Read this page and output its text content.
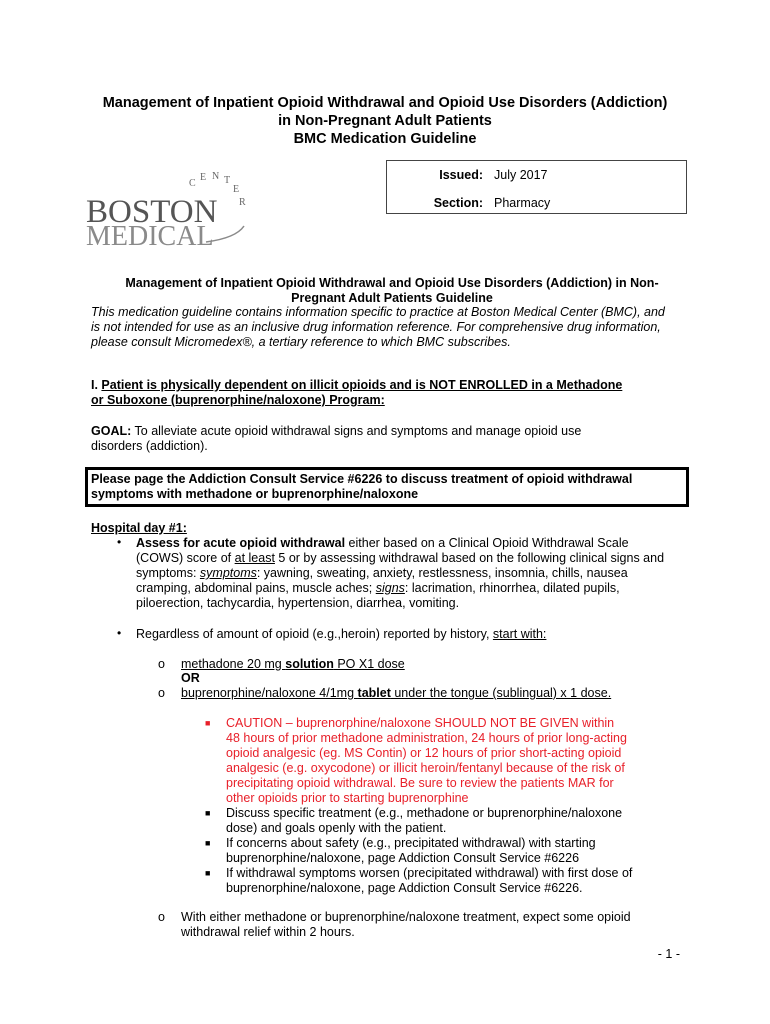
Management of Inpatient Opioid Withdrawal and Opioid Use Disorders (Addiction)
in Non-Pregnant Adult Patients
BMC Medication Guideline
C
E N T
E
R
BOSTON
MEDICAL
Issued: July 2017
Section: Pharmacy
Management of Inpatient Opioid Withdrawal and Opioid Use Disorders (Addiction) in Non-
Pregnant Adult Patients Guideline
This medication guideline contains information specific to practice at Boston Medical Center (BMC), and
is not intended for use as an inclusive drug information reference. For comprehensive drug information,
please consult Micromedex®, a tertiary reference to which BMC subscribes.
I. Patient is physically dependent on illicit opioids and is NOT ENROLLED in a Methadone
or Suboxone (buprenorphine/naloxone) Program:
GOAL: To alleviate acute opioid withdrawal signs and symptoms and manage opioid use
disorders (addiction).
Please page the Addiction Consult Service #6226 to discuss treatment of opioid withdrawal
symptoms with methadone or buprenorphine/naloxone
Hospital day #1:
• Assess for acute opioid withdrawal either based on a Clinical Opioid Withdrawal Scale
(COWS) score of at least 5 or by assessing withdrawal based on the following clinical signs and
symptoms: symptoms: yawning, sweating, anxiety, restlessness, insomnia, chills, nausea
cramping, abdominal pains, muscle aches; signs: lacrimation, rhinorrhea, dilated pupils,
piloerection, tachycardia, hypertension, diarrhea, vomiting.
• Regardless of amount of opioid (e.g.,heroin) reported by history, start with:
o methadone 20 mg solution PO X1 dose
OR
o buprenorphine/naloxone 4/1mg tablet under the tongue (sublingual) x 1 dose.
■ CAUTION – buprenorphine/naloxone SHOULD NOT BE GIVEN within
48 hours of prior methadone administration, 24 hours of prior long-acting
opioid analgesic (eg. MS Contin) or 12 hours of prior short-acting opioid
analgesic (e.g. oxycodone) or illicit heroin/fentanyl because of the risk of
precipitating opioid withdrawal. Be sure to review the patients MAR for
other opioids prior to starting buprenorphine
■ Discuss specific treatment (e.g., methadone or buprenorphine/naloxone
dose) and goals openly with the patient.
■ If concerns about safety (e.g., precipitated withdrawal) with starting
buprenorphine/naloxone, page Addiction Consult Service #6226
■ If withdrawal symptoms worsen (precipitated withdrawal) with first dose of
buprenorphine/naloxone, page Addiction Consult Service #6226.
o With either methadone or buprenorphine/naloxone treatment, expect some opioid
withdrawal relief within 2 hours.
- 1 -
